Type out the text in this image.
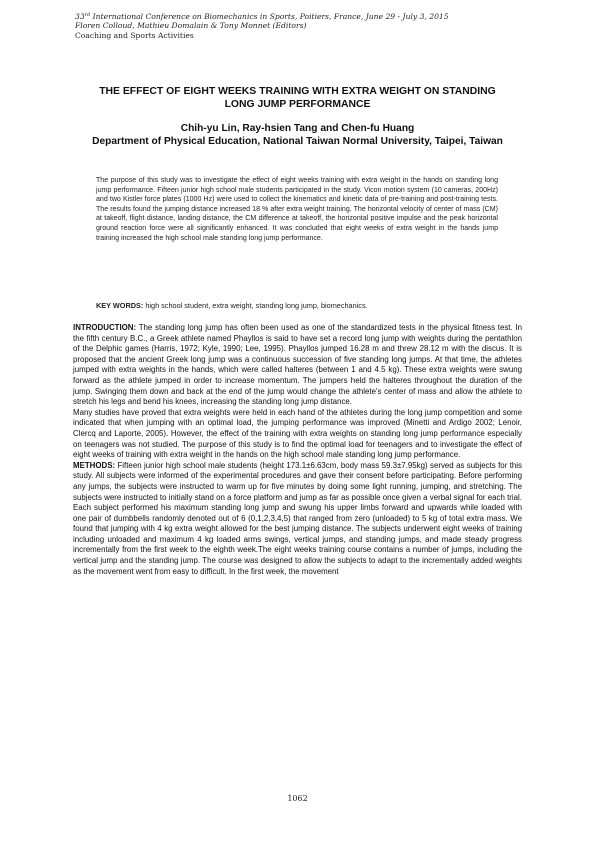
33rd International Conference on Biomechanics in Sports, Poitiers, France, June 29 - July 3, 2015
Floren Colloud, Mathieu Domalain & Tony Monnet (Editors)
Coaching and Sports Activities
THE EFFECT OF EIGHT WEEKS TRAINING WITH EXTRA WEIGHT ON STANDING LONG JUMP PERFORMANCE
Chih-yu Lin, Ray-hsien Tang and Chen-fu Huang
Department of Physical Education, National Taiwan Normal University, Taipei, Taiwan
The purpose of this study was to investigate the effect of eight weeks training with extra weight in the hands on standing long jump performance. Fifteen junior high school male students participated in the study. Vicon motion system (10 cameras, 200Hz) and two Kistler force plates (1000 Hz) were used to collect the kinematics and kinetic data of pre-training and post-training tests. The results found the jumping distance increased 18 % after extra weight training. The horizontal velocity of center of mass (CM) at takeoff, flight distance, landing distance, the CM difference at takeoff, the horizontal positive impulse and the peak horizontal ground reaction force were all significantly enhanced. It was concluded that eight weeks of extra weight in the hands jump training increased the high school male standing long jump performance.
KEY WORDS: high school student, extra weight, standing long jump, biomechanics.

INTRODUCTION: The standing long jump has often been used as one of the standardized tests in the physical fitness test. In the fifth century B.C., a Greek athlete named Phayllos is said to have set a record long jump with weights during the pentathlon of the Delphic games (Harris, 1972; Kyle, 1990; Lee, 1995). Phayllos jumped 16.28 m and threw 28.12 m with the discus. It is proposed that the ancient Greek long jump was a continuous succession of five standing long jumps. At that time, the athletes jumped with extra weights in the hands, which were called halteres (between 1 and 4.5 kg). These extra weights were swung forward as the athlete jumped in order to increase momentum. The jumpers held the halteres throughout the duration of the jump. Swinging them down and back at the end of the jump would change the athlete's center of mass and allow the athlete to stretch his legs and bend his knees, increasing the standing long jump distance.

Many studies have proved that extra weights were held in each hand of the athletes during the long jump competition and some indicated that when jumping with an optimal load, the jumping performance was improved (Minetti and Ardigo 2002; Lenoir, Clercq and Laporte, 2005). However, the effect of the training with extra weights on standing long jump performance especially on teenagers was not studied. The purpose of this study is to find the optimal load for teenagers and to investigate the effect of eight weeks of training with extra weight in the hands on the high school male standing long jump performance.

METHODS: Fifteen junior high school male students (height 173.1±6.63cm, body mass 59.3±7.95kg) served as subjects for this study. All subjects were informed of the experimental procedures and gave their consent before participating. Before performing any jumps, the subjects were instructed to warm up for five minutes by doing some light running, jumping, and stretching. The subjects were instructed to initially stand on a force platform and jump as far as possible once given a verbal signal for each trial. Each subject performed his maximum standing long jump and swung his upper limbs forward and upwards while loaded with one pair of dumbbells randomly denoted out of 6 (0,1,2,3,4,5) that ranged from zero (unloaded) to 5 kg of total extra mass. We found that jumping with 4 kg extra weight allowed for the best jumping distance. The subjects underwent eight weeks of training including unloaded and maximum 4 kg loaded arms swings, vertical jumps, and standing jumps, and made steady progress incrementally from the first week to the eighth week.The eight weeks training course contains a number of jumps, including the vertical jump and the standing jump. The course was designed to allow the subjects to adapt to the incrementally added weights as the movement went from easy to difficult. In the first week, the movement

1062
